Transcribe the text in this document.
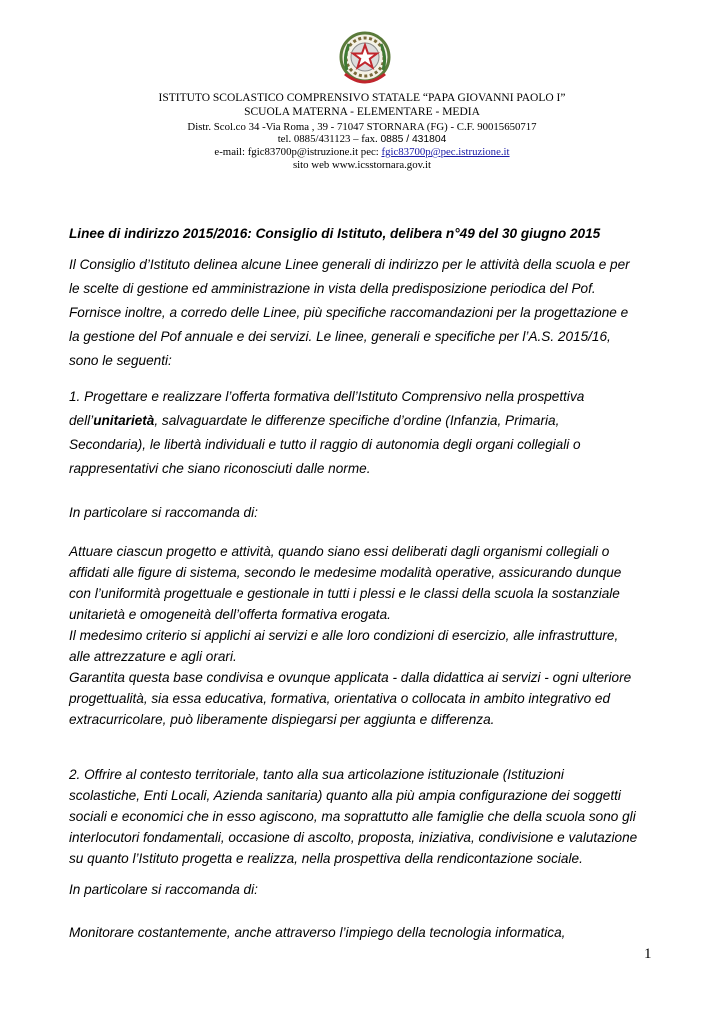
ISTITUTO SCOLASTICO COMPRENSIVO STATALE “PAPA GIOVANNI PAOLO I”
SCUOLA MATERNA - ELEMENTARE - MEDIA
Distr. Scol.co 34 -Via Roma , 39 - 71047 STORNARA (FG) - C.F. 90015650717
tel. 0885/431123 – fax. 0885 / 431804
e-mail: fgic83700p@istruzione.it pec: fgic83700p@pec.istruzione.it
sito web www.icsstornara.gov.it
Linee di indirizzo 2015/2016: Consiglio di Istituto, delibera n°49 del 30 giugno 2015
Il Consiglio d’Istituto delinea alcune Linee generali di indirizzo per le attività della scuola e per
le scelte di gestione ed amministrazione in vista della predisposizione periodica del Pof.
Fornisce inoltre, a corredo delle Linee, più specifiche raccomandazioni per la progettazione e
la gestione del Pof annuale e dei servizi. Le linee, generali e specifiche per l’A.S. 2015/16,
sono le seguenti:
1. Progettare e realizzare l’offerta formativa dell’Istituto Comprensivo nella prospettiva
dell’unitarietà, salvaguardate le differenze specifiche d’ordine (Infanzia, Primaria,
Secondaria), le libertà individuali e tutto il raggio di autonomia degli organi collegiali o
rappresentativi che siano riconosciuti dalle norme.
In particolare si raccomanda di:
Attuare ciascun progetto e attività, quando siano essi deliberati dagli organismi collegiali o
affidati alle figure di sistema, secondo le medesime modalità operative, assicurando dunque
con l’uniformità progettuale e gestionale in tutti i plessi e le classi della scuola la sostanziale
unitarietà e omogeneità dell’offerta formativa erogata.
Il medesimo criterio si applichi ai servizi e alle loro condizioni di esercizio, alle infrastrutture,
alle attrezzature e agli orari.
Garantita questa base condivisa e ovunque applicata - dalla didattica ai servizi - ogni ulteriore
progettualità, sia essa educativa, formativa, orientativa o collocata in ambito integrativo ed
extracurricolare, può liberamente dispiegarsi per aggiunta e differenza.
2. Offrire al contesto territoriale, tanto alla sua articolazione istituzionale (Istituzioni
scolastiche, Enti Locali, Azienda sanitaria) quanto alla più ampia configurazione dei soggetti
sociali e economici che in esso agiscono, ma soprattutto alle famiglie che della scuola sono gli
interlocutori fondamentali, occasione di ascolto, proposta, iniziativa, condivisione e valutazione
su quanto l’Istituto progetta e realizza, nella prospettiva della rendicontazione sociale.
In particolare si raccomanda di:
Monitorare costantemente, anche attraverso l’impiego della tecnologia informatica,
1
